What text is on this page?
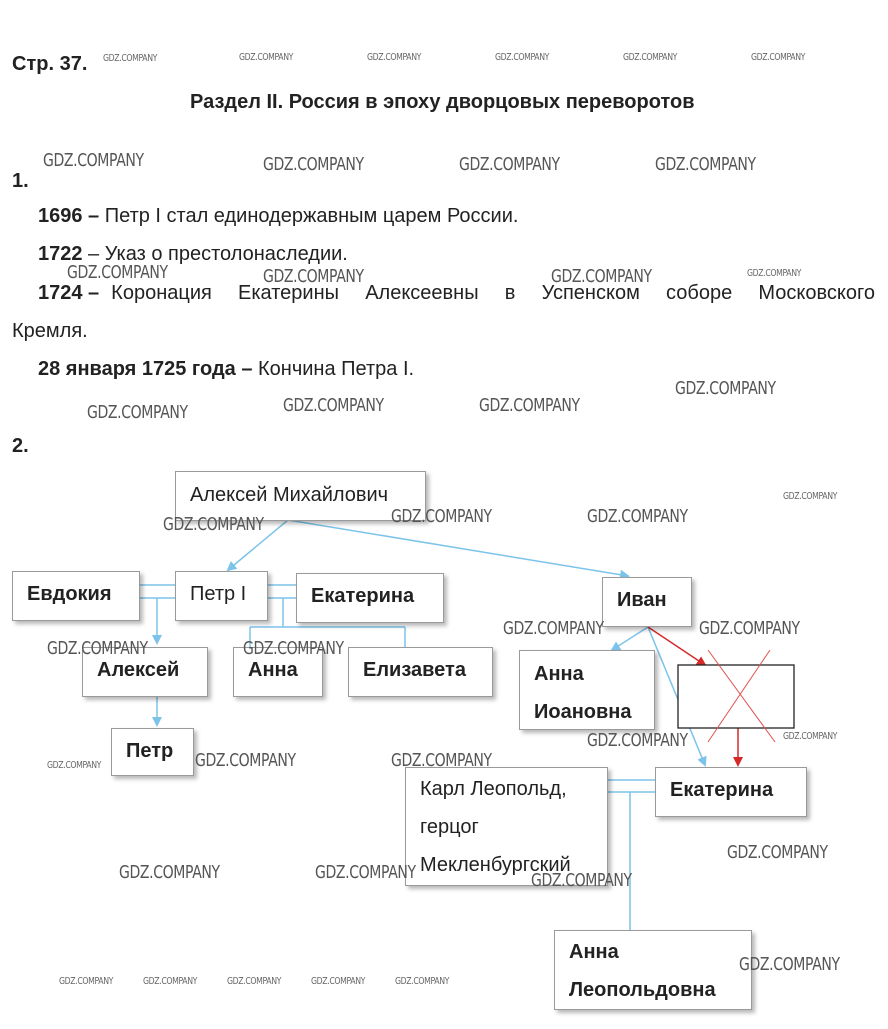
Стр. 37.
Раздел II. Россия в эпоху дворцовых переворотов
1.
1696 – Петр I стал единодержавным царем России.
1722 – Указ о престолонаследии.
1724 – Коронация Екатерины Алексеевны в Успенском соборе Московского
Кремля.
28 января 1725 года – Кончина Петра I.
2.
Алексей Михайлович
Евдокия	Петр I	Екатерина	Иван
Алексей	Анна	Елизавета	Анна
Иоановна
Петр
Карл Леопольд,
герцог
Мекленбургский
Екатерина
Анна
Леопольдовна
GDZ.COMPANY	GDZ.COMPANY	GDZ.COMPANY	GDZ.COMPANY
GDZ.COMPANY	GDZ.COMPANY	GDZ.COMPANY
GDZ.COMPANY
GDZ.COMPANY	GDZ.COMPANY	GDZ.COMPANY
GDZ.COMPANY	GDZ.COMPANY	GDZ.COMPANY
GDZ.COMPANY	GDZ.COMPANY
GDZ.COMPANY	GDZ.COMPANY
GDZ.COMPANY
GDZ.COMPANY
GDZ.COMPANY
GDZ.COMPANY
GDZ.COMPANY	GDZ.COMPANY	GDZ.COMPANY
GDZ.COMPANY
GDZ.COMPANY	GDZ.COMPANY	GDZ.COMPANY	GDZ.COMPANY	GDZ.COMPANY	GDZ.COMPANY
GDZ.COMPANY
GDZ.COMPANY
GDZ.COMPANY
GDZ.COMPANY
GDZ.COMPANY	GDZ.COMPANY	GDZ.COMPANY	GDZ.COMPANY	GDZ.COMPANY
